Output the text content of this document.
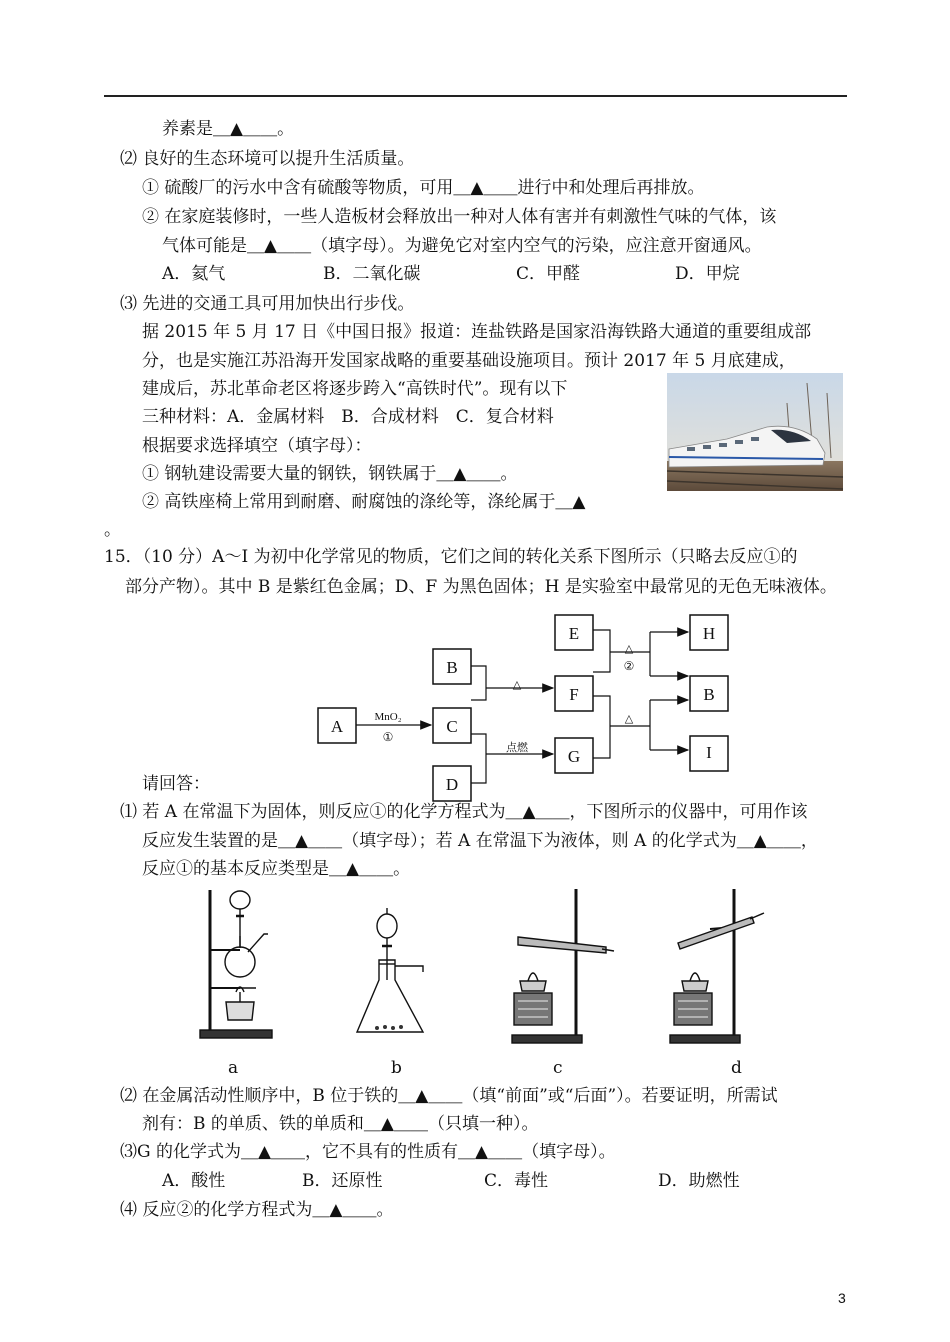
养素是＿▲＿＿。
⑵ 良好的生态环境可以提升生活质量。
① 硫酸厂的污水中含有硫酸等物质，可用＿▲＿＿进行中和处理后再排放。
② 在家庭装修时，一些人造板材会释放出一种对人体有害并有刺激性气味的气体，该
气体可能是＿▲＿＿（填字母）。为避免它对室内空气的污染，应注意开窗通风。
A．氦气	B．二氧化碳	C．甲醛	D．甲烷
⑶ 先进的交通工具可用加快出行步伐。
据 2015 年 5 月 17 日《中国日报》报道：连盐铁路是国家沿海铁路大通道的重要组成部
分，也是实施江苏沿海开发国家战略的重要基础设施项目。预计 2017 年 5 月底建成，
建成后，苏北革命老区将逐步跨入“高铁时代”。现有以下
三种材料：A．金属材料　B．合成材料　C．复合材料
根据要求选择填空（填字母）：
① 钢轨建设需要大量的钢铁，钢铁属于＿▲＿＿。
② 高铁座椅上常用到耐磨、耐腐蚀的涤纶等，涤纶属于＿▲
。
15．（10 分）A～I 为初中化学常见的物质，它们之间的转化关系下图所示（只略去反应①的
部分产物）。其中 B 是紫红色金属；D、F 为黑色固体；H 是实验室中最常见的无色无味液体。
A
B
C
D
E
F
G
H
B
I
MnO₂
①
△
点燃
△
②
△
请回答：
⑴ 若 A 在常温下为固体，则反应①的化学方程式为＿▲＿＿，下图所示的仪器中，可用作该
反应发生装置的是＿▲＿＿（填字母）；若 A 在常温下为液体，则 A 的化学式为＿▲＿＿，
反应①的基本反应类型是＿▲＿＿。
a	b	c	d
⑵ 在金属活动性顺序中，B 位于铁的＿▲＿＿（填“前面”或“后面”）。若要证明，所需试
剂有：B 的单质、铁的单质和＿▲＿＿（只填一种）。
⑶G 的化学式为＿▲＿＿，它不具有的性质有＿▲＿＿（填字母）。
A．酸性	B．还原性	C．毒性	D．助燃性
⑷ 反应②的化学方程式为＿▲＿＿。
3
